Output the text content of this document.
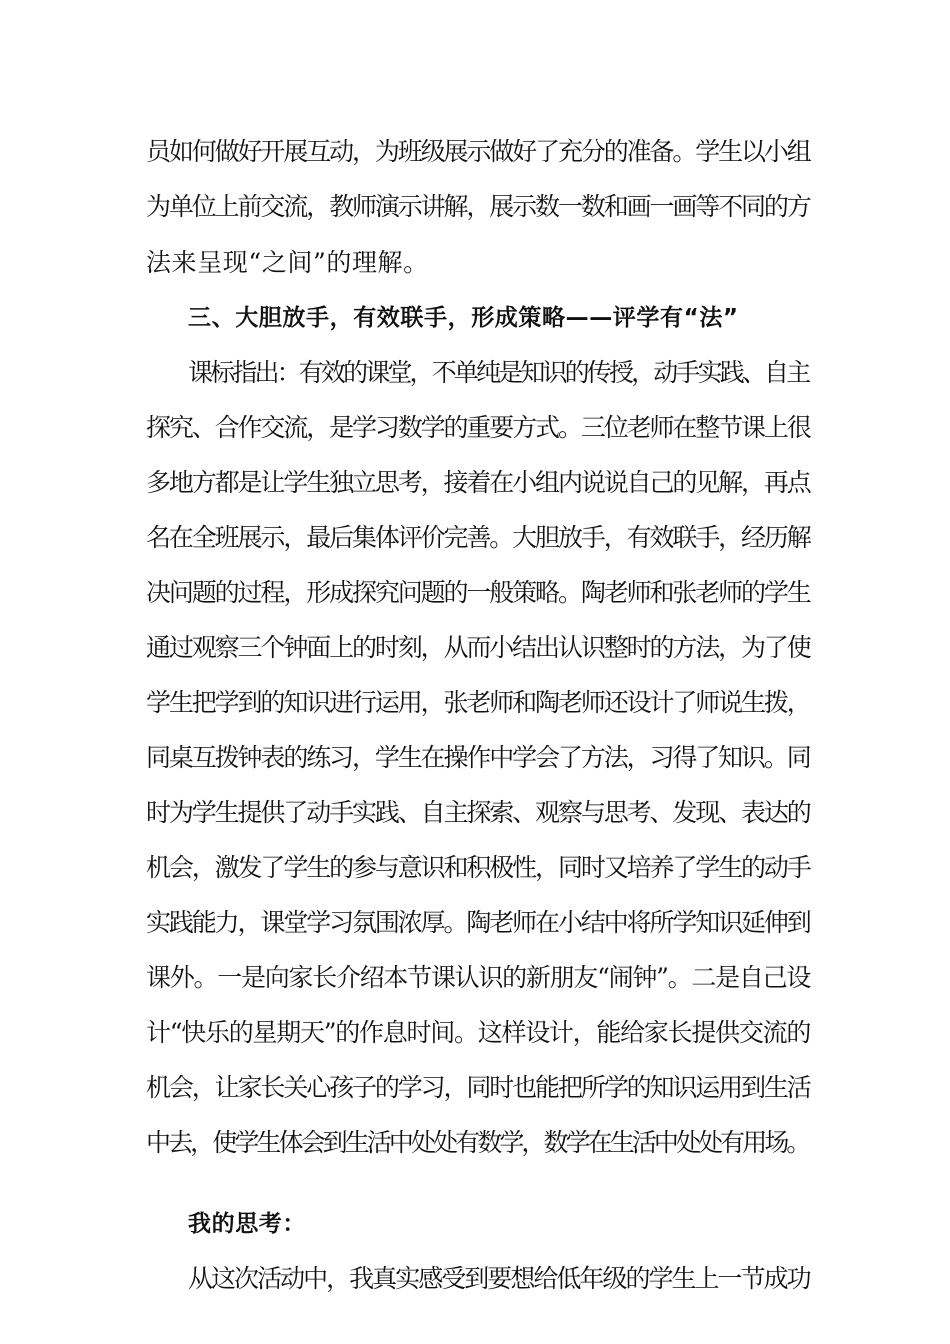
员如何做好开展互动，为班级展示做好了充分的准备。学生以小组
为单位上前交流，教师演示讲解，展示数一数和画一画等不同的方
法来呈现“之间”的理解。
三、大胆放手，有效联手，形成策略——评学有“法”
课标指出：有效的课堂，不单纯是知识的传授，动手实践、自主
探究、合作交流，是学习数学的重要方式。三位老师在整节课上很
多地方都是让学生独立思考，接着在小组内说说自己的见解，再点
名在全班展示，最后集体评价完善。大胆放手，有效联手，经历解
决问题的过程，形成探究问题的一般策略。陶老师和张老师的学生
通过观察三个钟面上的时刻，从而小结出认识整时的方法，为了使
学生把学到的知识进行运用，张老师和陶老师还设计了师说生拨，
同桌互拨钟表的练习，学生在操作中学会了方法，习得了知识。同
时为学生提供了动手实践、自主探索、观察与思考、发现、表达的
机会，激发了学生的参与意识和积极性，同时又培养了学生的动手
实践能力，课堂学习氛围浓厚。陶老师在小结中将所学知识延伸到
课外。一是向家长介绍本节课认识的新朋友“闹钟”。二是自己设
计“快乐的星期天”的作息时间。这样设计，能给家长提供交流的
机会，让家长关心孩子的学习，同时也能把所学的知识运用到生活
中去，使学生体会到生活中处处有数学，数学在生活中处处有用场。
我的思考：
从这次活动中，我真实感受到要想给低年级的学生上一节成功
